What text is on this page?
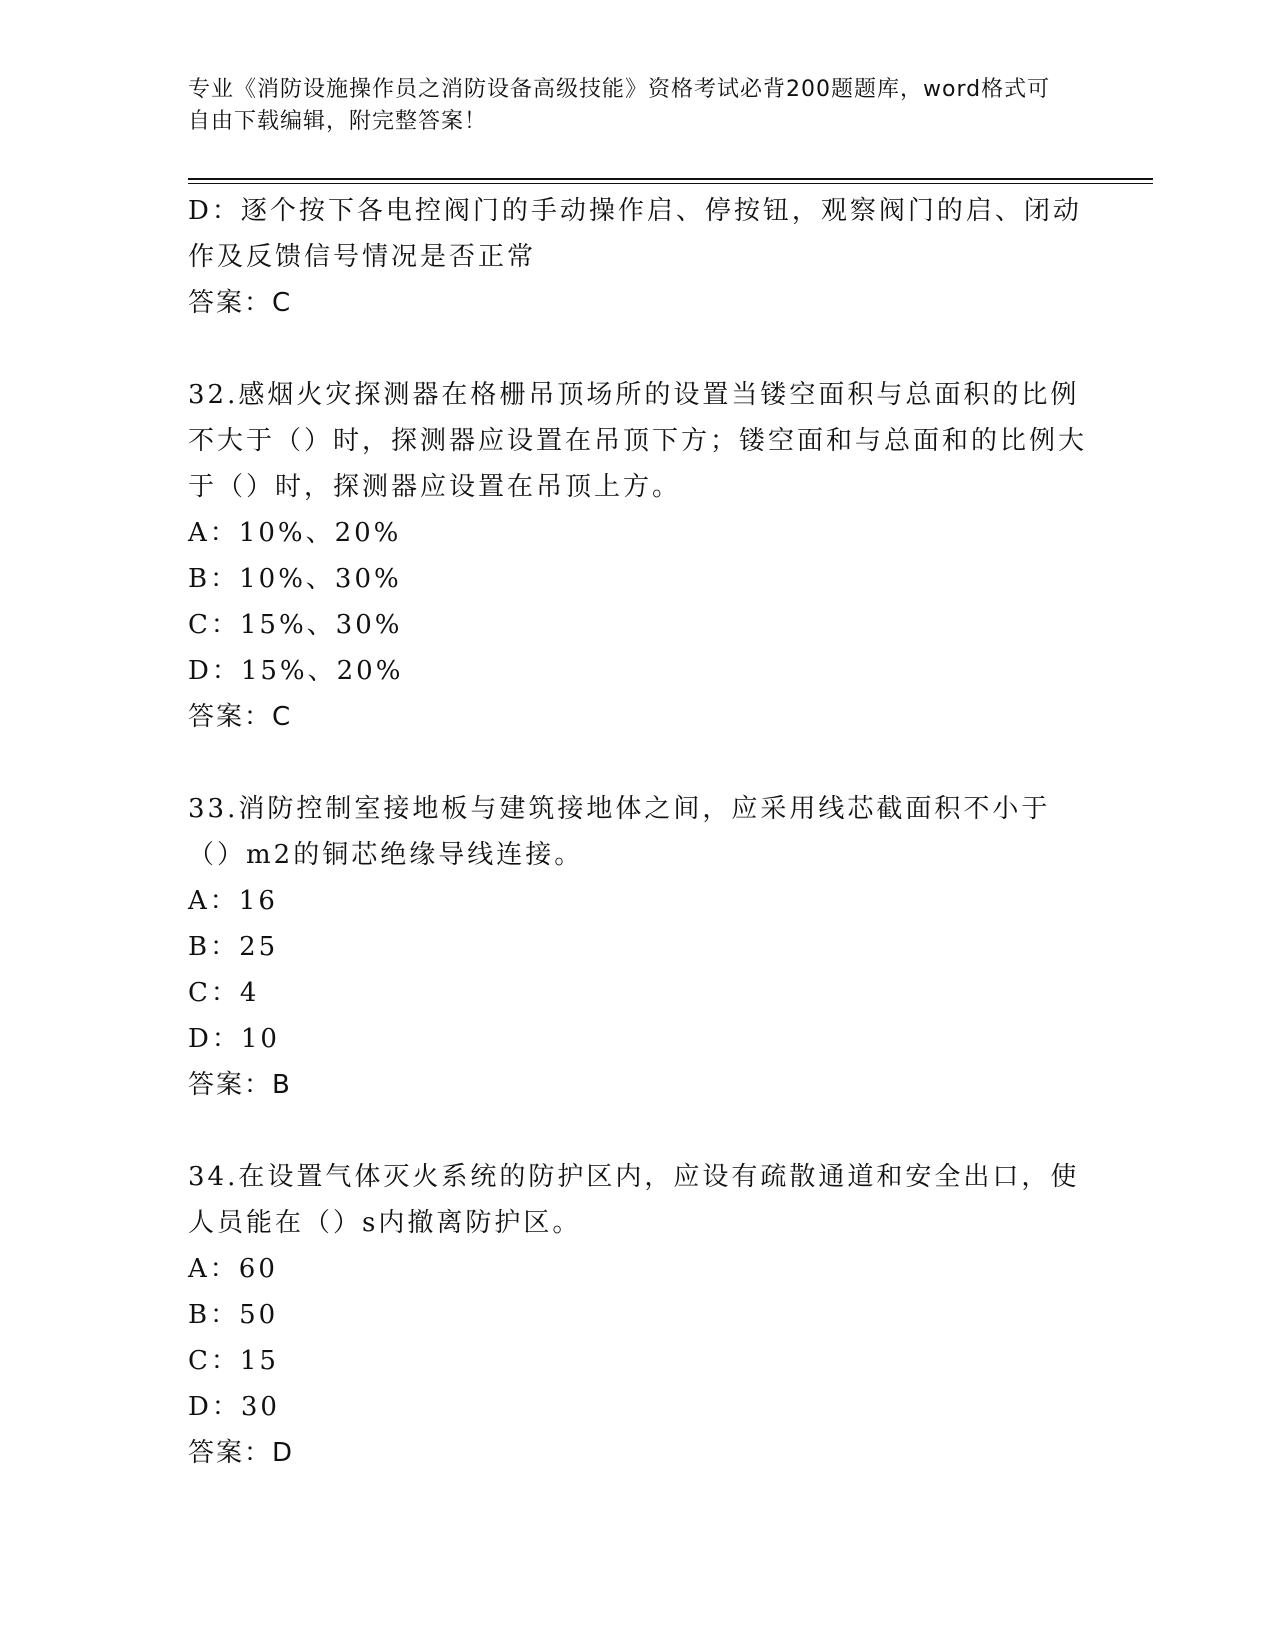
专业《消防设施操作员之消防设备高级技能》资格考试必背200题题库，word格式可自由下载编辑，附完整答案！
D：逐个按下各电控阀门的手动操作启、停按钮，观察阀门的启、闭动作及反馈信号情况是否正常
答案：C
32.感烟火灾探测器在格栅吊顶场所的设置当镂空面积与总面积的比例不大于（）时，探测器应设置在吊顶下方；镂空面和与总面和的比例大于（）时，探测器应设置在吊顶上方。
A：10%、20%
B：10%、30%
C：15%、30%
D：15%、20%
答案：C
33.消防控制室接地板与建筑接地体之间，应采用线芯截面积不小于（）m2的铜芯绝缘导线连接。
A：16
B：25
C：4
D：10
答案：B
34.在设置气体灭火系统的防护区内，应设有疏散通道和安全出口，使人员能在（）s内撤离防护区。
A：60
B：50
C：15
D：30
答案：D
